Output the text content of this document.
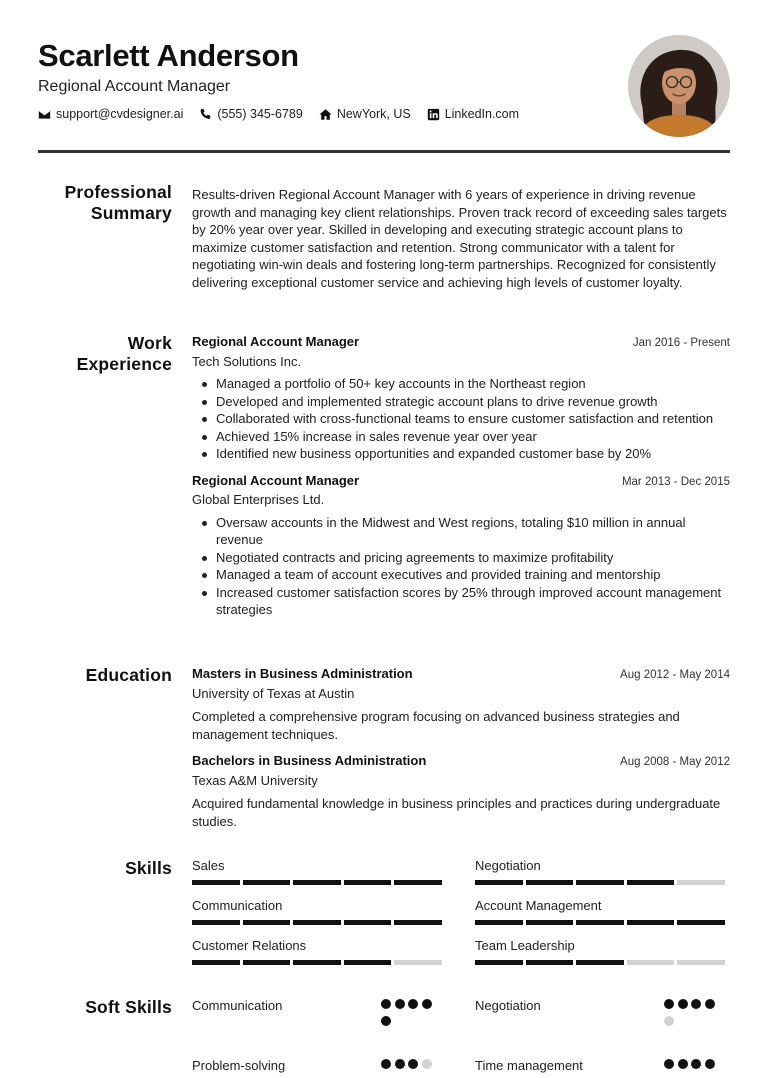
Scarlett Anderson
Regional Account Manager
support@cvdesigner.ai	(555) 345-6789	NewYork, US	LinkedIn.com
Professional
Summary
Results-driven Regional Account Manager with 6 years of experience in driving revenue growth and managing key client relationships. Proven track record of exceeding sales targets by 20% year over year. Skilled in developing and executing strategic account plans to maximize customer satisfaction and retention. Strong communicator with a talent for negotiating win-win deals and fostering long-term partnerships. Recognized for consistently delivering exceptional customer service and achieving high levels of customer loyalty.
Work
Experience
Regional Account Manager	Jan 2016 - Present
Tech Solutions Inc.
Managed a portfolio of 50+ key accounts in the Northeast region
Developed and implemented strategic account plans to drive revenue growth
Collaborated with cross-functional teams to ensure customer satisfaction and retention
Achieved 15% increase in sales revenue year over year
Identified new business opportunities and expanded customer base by 20%
Regional Account Manager	Mar 2013 - Dec 2015
Global Enterprises Ltd.
Oversaw accounts in the Midwest and West regions, totaling $10 million in annual revenue
Negotiated contracts and pricing agreements to maximize profitability
Managed a team of account executives and provided training and mentorship
Increased customer satisfaction scores by 25% through improved account management strategies
Education Masters in Business Administration	Aug 2012 - May 2014
University of Texas at Austin
Completed a comprehensive program focusing on advanced business strategies and management techniques.
Bachelors in Business Administration	Aug 2008 - May 2012
Texas A&M University
Acquired fundamental knowledge in business principles and practices during undergraduate studies.
Skills Sales	Negotiation
Communication	Account Management
Customer Relations	Team Leadership
Soft Skills Communication	Negotiation
Problem-solving	Time management
